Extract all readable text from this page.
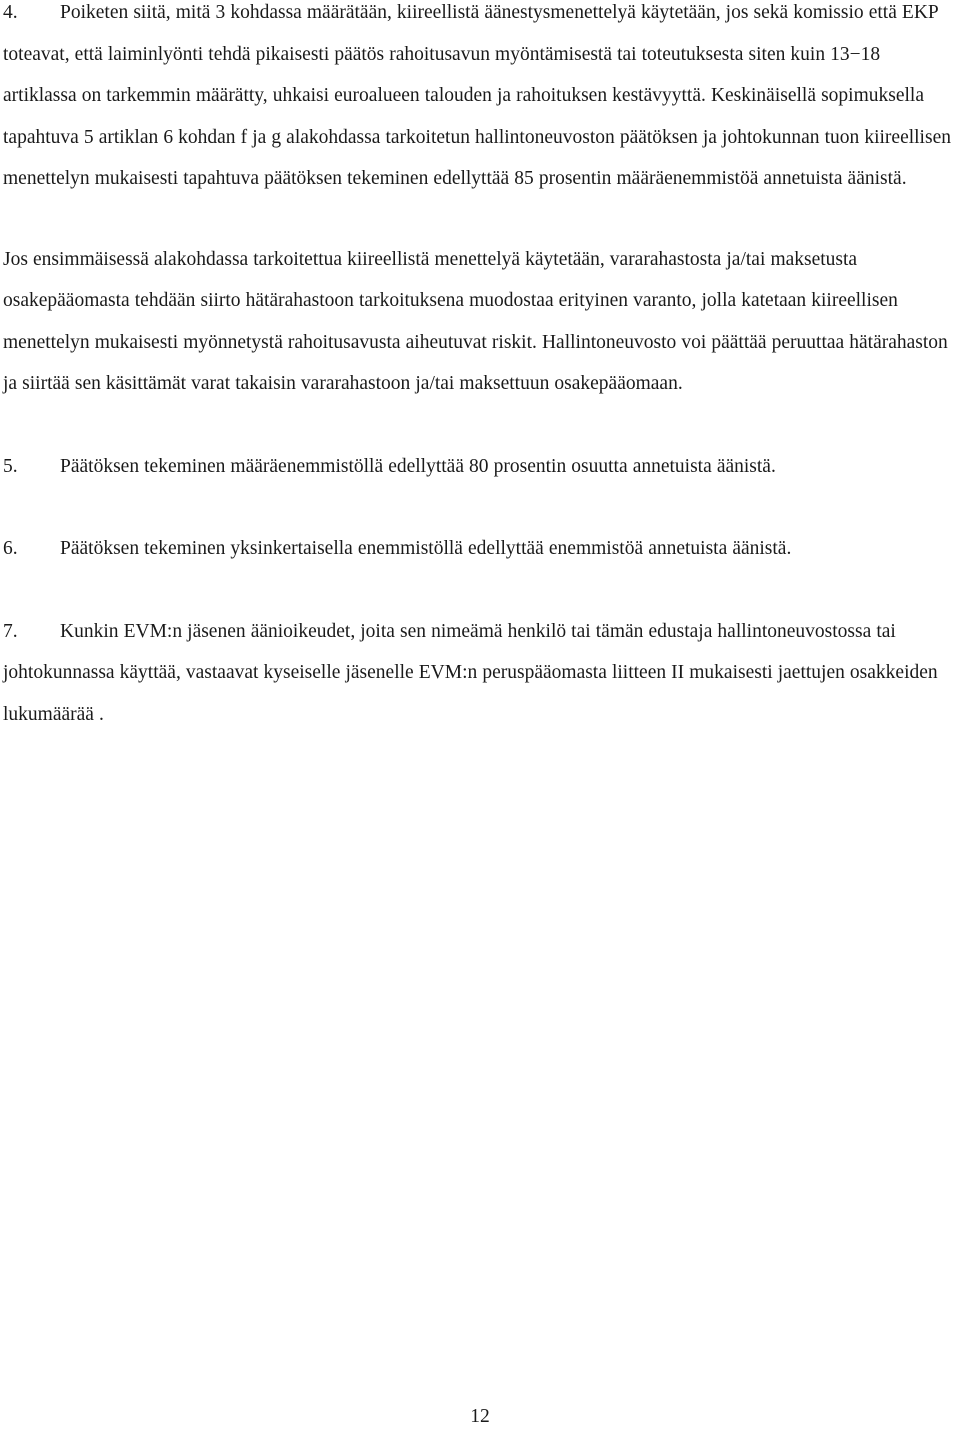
4. Poiketen siitä, mitä 3 kohdassa määrätään, kiireellistä äänestysmenettelyä käytetään, jos sekä komissio että EKP toteavat, että laiminlyönti tehdä pikaisesti päätös rahoitusavun myöntämisestä tai toteutuksesta siten kuin 13−18 artiklassa on tarkemmin määrätty, uhkaisi euroalueen talouden ja rahoituksen kestävyyttä. Keskinäisellä sopimuksella tapahtuva 5 artiklan 6 kohdan f ja g alakohdassa tarkoitetun hallintoneuvoston päätöksen ja johtokunnan tuon kiireellisen menettelyn mukaisesti tapahtuva päätöksen tekeminen edellyttää 85 prosentin määräenemmistöä annetuista äänistä.

Jos ensimmäisessä alakohdassa tarkoitettua kiireellistä menettelyä käytetään, vararahastosta ja/tai maksetusta osakepääomasta tehdään siirto hätärahastoon tarkoituksena muodostaa erityinen varanto, jolla katetaan kiireellisen menettelyn mukaisesti myönnetystä rahoitusavusta aiheutuvat riskit. Hallintoneuvosto voi päättää peruuttaa hätärahaston ja siirtää sen käsittämät varat takaisin vararahastoon ja/tai maksettuun osakepääomaan.

5. Päätöksen tekeminen määräenemmistöllä edellyttää 80 prosentin osuutta annetuista äänistä.

6. Päätöksen tekeminen yksinkertaisella enemmistöllä edellyttää enemmistöä annetuista äänistä.

7. Kunkin EVM:n jäsenen äänioikeudet, joita sen nimeämä henkilö tai tämän edustaja hallintoneuvostossa tai johtokunnassa käyttää, vastaavat kyseiselle jäsenelle EVM:n peruspääomasta liitteen II mukaisesti jaettujen osakkeiden lukumäärää .

12
